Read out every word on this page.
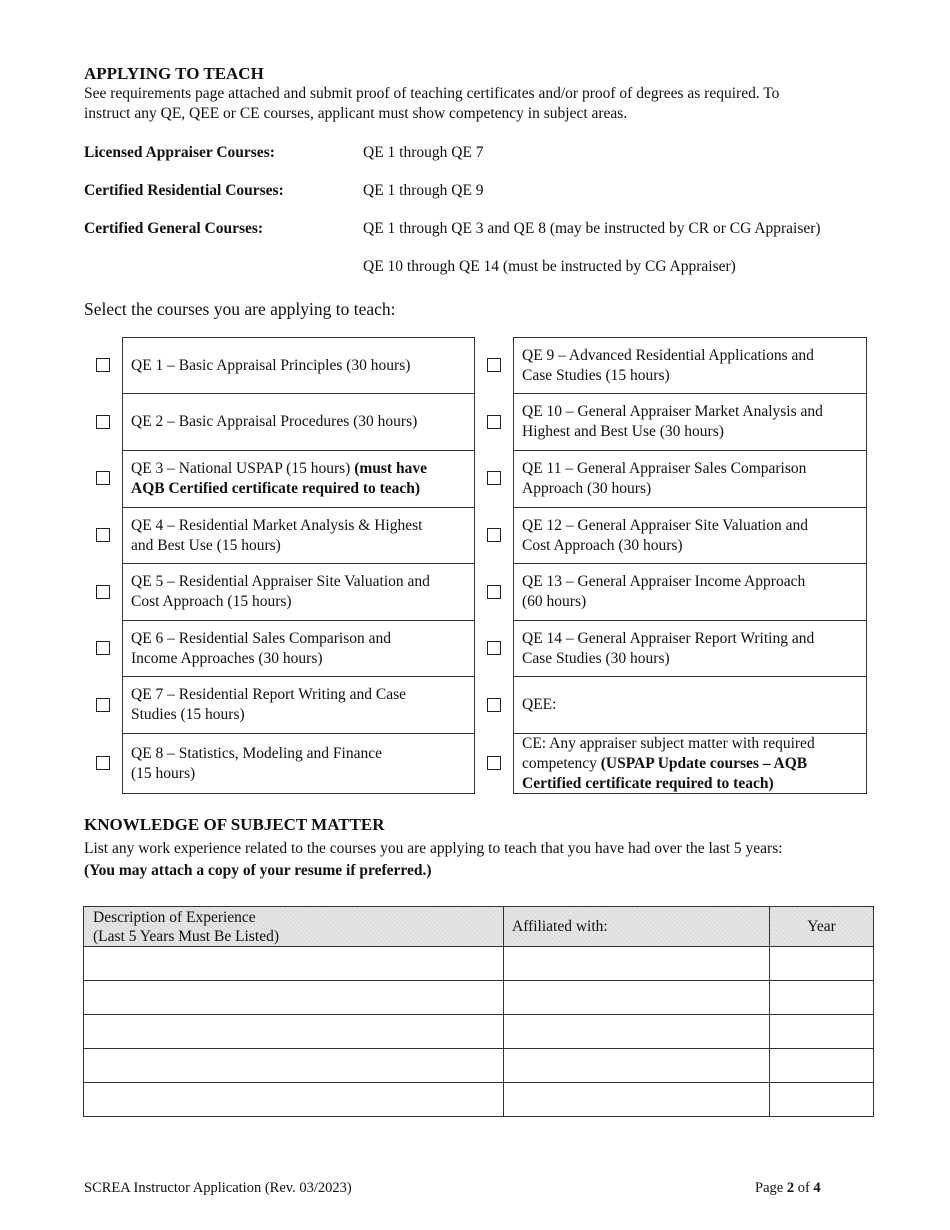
APPLYING TO TEACH
See requirements page attached and submit proof of teaching certificates and/or proof of degrees as required. To
instruct any QE, QEE or CE courses, applicant must show competency in subject areas.
Licensed Appraiser Courses:	QE 1 through QE 7
Certified Residential Courses:	QE 1 through QE 9
Certified General Courses:	QE 1 through QE 3 and QE 8 (may be instructed by CR or CG Appraiser)
QE 10 through QE 14 (must be instructed by CG Appraiser)
Select the courses you are applying to teach:
QE 1 – Basic Appraisal Principles (30 hours)
QE 2 – Basic Appraisal Procedures (30 hours)
QE 3 – National USPAP (15 hours) (must have
AQB Certified certificate required to teach)
QE 4 – Residential Market Analysis & Highest
and Best Use (15 hours)
QE 5 – Residential Appraiser Site Valuation and
Cost Approach (15 hours)
QE 6 – Residential Sales Comparison and
Income Approaches (30 hours)
QE 7 – Residential Report Writing and Case
Studies (15 hours)
QE 8 – Statistics, Modeling and Finance
(15 hours)
QE 9 – Advanced Residential Applications and
Case Studies (15 hours)
QE 10 – General Appraiser Market Analysis and
Highest and Best Use (30 hours)
QE 11 – General Appraiser Sales Comparison
Approach (30 hours)
QE 12 – General Appraiser Site Valuation and
Cost Approach (30 hours)
QE 13 – General Appraiser Income Approach
(60 hours)
QE 14 – General Appraiser Report Writing and
Case Studies (30 hours)
QEE:
CE: Any appraiser subject matter with required
competency (USPAP Update courses – AQB
Certified certificate required to teach)
KNOWLEDGE OF SUBJECT MATTER
List any work experience related to the courses you are applying to teach that you have had over the last 5 years:
(You may attach a copy of your resume if preferred.)
Description of Experience
(Last 5 Years Must Be Listed)	Affiliated with:	Year

SCREA Instructor Application (Rev. 03/2023)	Page 2 of 4
